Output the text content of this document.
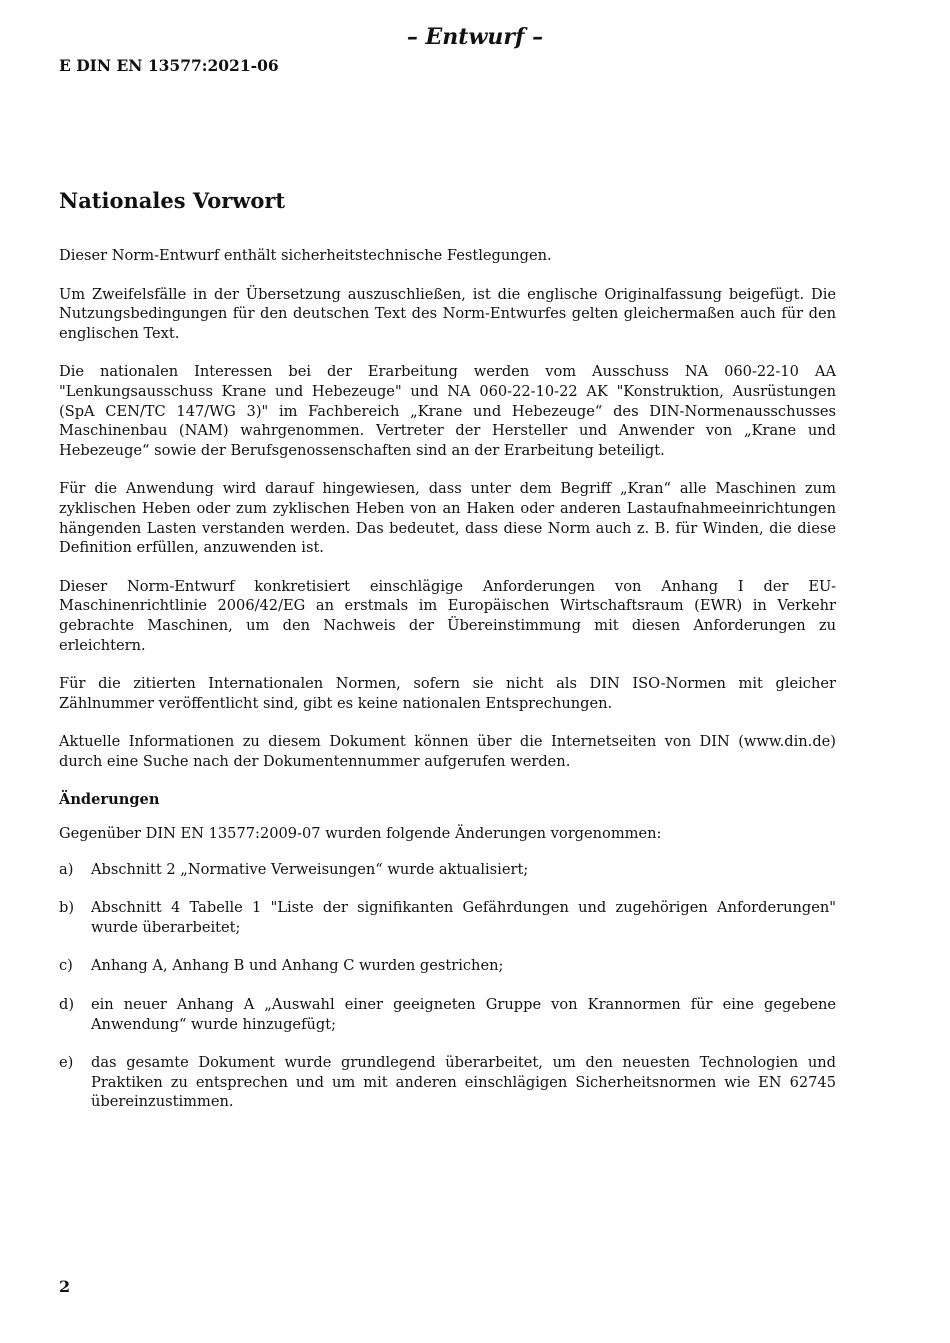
– Entwurf –
E DIN EN 13577:2021-06
Nationales Vorwort

Dieser Norm-Entwurf enthält sicherheitstechnische Festlegungen.

Um Zweifelsfälle in der Übersetzung auszuschließen, ist die englische Originalfassung beigefügt. Die Nutzungsbedingungen für den deutschen Text des Norm-Entwurfes gelten gleichermaßen auch für den englischen Text.

Die nationalen Interessen bei der Erarbeitung werden vom Ausschuss NA 060-22-10 AA "Lenkungsausschuss Krane und Hebezeuge" und NA 060-22-10-22 AK "Konstruktion, Ausrüstungen (SpA CEN/TC 147/WG 3)" im Fachbereich „Krane und Hebezeuge“ des DIN-Normenausschusses Maschinenbau (NAM) wahrgenommen. Vertreter der Hersteller und Anwender von „Krane und Hebezeuge“ sowie der Berufsgenossenschaften sind an der Erarbeitung beteiligt.

Für die Anwendung wird darauf hingewiesen, dass unter dem Begriff „Kran“ alle Maschinen zum zyklischen Heben oder zum zyklischen Heben von an Haken oder anderen Lastaufnahmeeinrichtungen hängenden Lasten verstanden werden. Das bedeutet, dass diese Norm auch z. B. für Winden, die diese Definition erfüllen, anzuwenden ist.

Dieser Norm-Entwurf konkretisiert einschlägige Anforderungen von Anhang I der EU-Maschinenrichtlinie 2006/42/EG an erstmals im Europäischen Wirtschaftsraum (EWR) in Verkehr gebrachte Maschinen, um den Nachweis der Übereinstimmung mit diesen Anforderungen zu erleichtern.

Für die zitierten Internationalen Normen, sofern sie nicht als DIN ISO-Normen mit gleicher Zählnummer veröffentlicht sind, gibt es keine nationalen Entsprechungen.

Aktuelle Informationen zu diesem Dokument können über die Internetseiten von DIN (www.din.de) durch eine Suche nach der Dokumentennummer aufgerufen werden.

Änderungen

Gegenüber DIN EN 13577:2009-07 wurden folgende Änderungen vorgenommen:

a)	Abschnitt 2 „Normative Verweisungen“ wurde aktualisiert;
b)	Abschnitt 4 Tabelle 1 "Liste der signifikanten Gefährdungen und zugehörigen Anforderungen" wurde überarbeitet;
c)	Anhang A, Anhang B und Anhang C wurden gestrichen;
d)	ein neuer Anhang A „Auswahl einer geeigneten Gruppe von Krannormen für eine gegebene Anwendung“ wurde hinzugefügt;
e)	das gesamte Dokument wurde grundlegend überarbeitet, um den neuesten Technologien und Praktiken zu entsprechen und um mit anderen einschlägigen Sicherheitsnormen wie EN 62745 übereinzustimmen.
2
